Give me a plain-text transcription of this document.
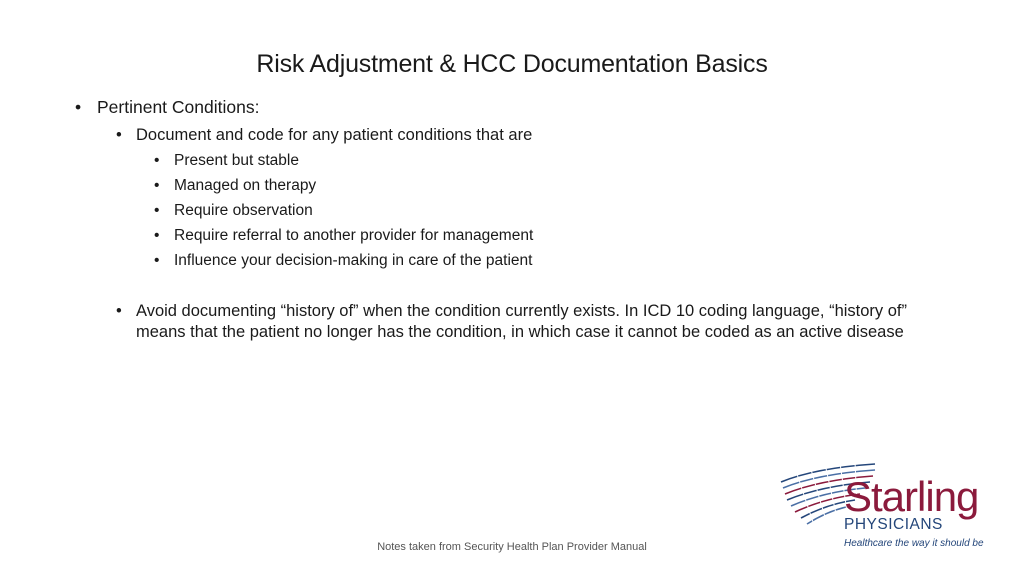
Risk Adjustment & HCC Documentation Basics
• Pertinent Conditions:
• Document and code for any patient conditions that are
• Present but stable
• Managed on therapy
• Require observation
• Require referral to another provider for management
• Influence your decision-making in care of the patient
• Avoid documenting “history of” when the condition currently exists. In ICD 10 coding language, “history of” means that the patient no longer has the condition, in which case it cannot be coded as an active disease
Notes taken from Security Health Plan Provider Manual
Starling
PHYSICIANS
Healthcare the way it should be
